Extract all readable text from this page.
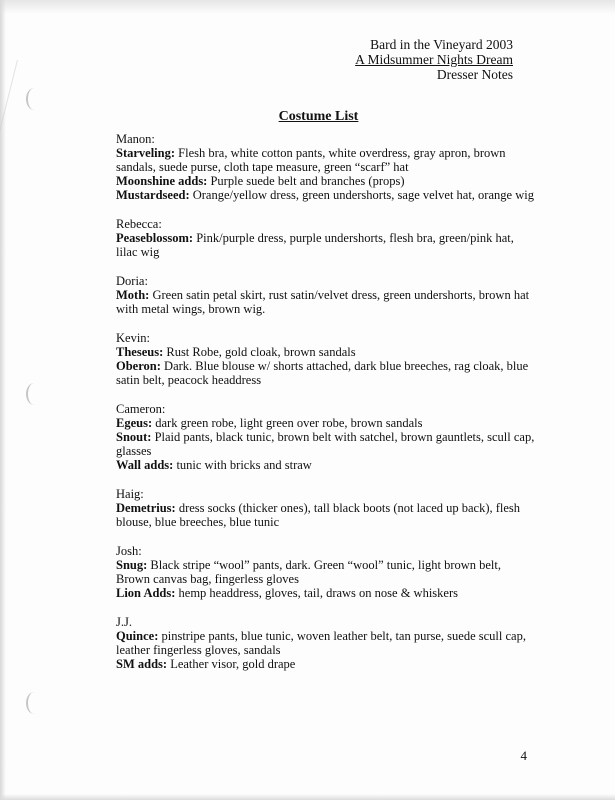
Bard in the Vineyard 2003
A Midsummer Nights Dream
Dresser Notes
Costume List
Manon:
Starveling: Flesh bra, white cotton pants, white overdress, gray apron, brown sandals, suede purse, cloth tape measure, green “scarf” hat
Moonshine adds: Purple suede belt and branches (props)
Mustardseed: Orange/yellow dress, green undershorts, sage velvet hat, orange wig
Rebecca:
Peaseblossom: Pink/purple dress, purple undershorts, flesh bra, green/pink hat, lilac wig
Doria:
Moth: Green satin petal skirt, rust satin/velvet dress, green undershorts, brown hat with metal wings, brown wig.
Kevin:
Theseus: Rust Robe, gold cloak, brown sandals
Oberon: Dark. Blue blouse w/ shorts attached, dark blue breeches, rag cloak, blue satin belt, peacock headdress
Cameron:
Egeus: dark green robe, light green over robe, brown sandals
Snout: Plaid pants, black tunic, brown belt with satchel, brown gauntlets, scull cap, glasses
Wall adds: tunic with bricks and straw
Haig:
Demetrius: dress socks (thicker ones), tall black boots (not laced up back), flesh blouse, blue breeches, blue tunic
Josh:
Snug: Black stripe “wool” pants, dark. Green “wool” tunic, light brown belt, Brown canvas bag, fingerless gloves
Lion Adds: hemp headdress, gloves, tail, draws on nose & whiskers
J.J.
Quince: pinstripe pants, blue tunic, woven leather belt, tan purse, suede scull cap, leather fingerless gloves, sandals
SM adds: Leather visor, gold drape
4
